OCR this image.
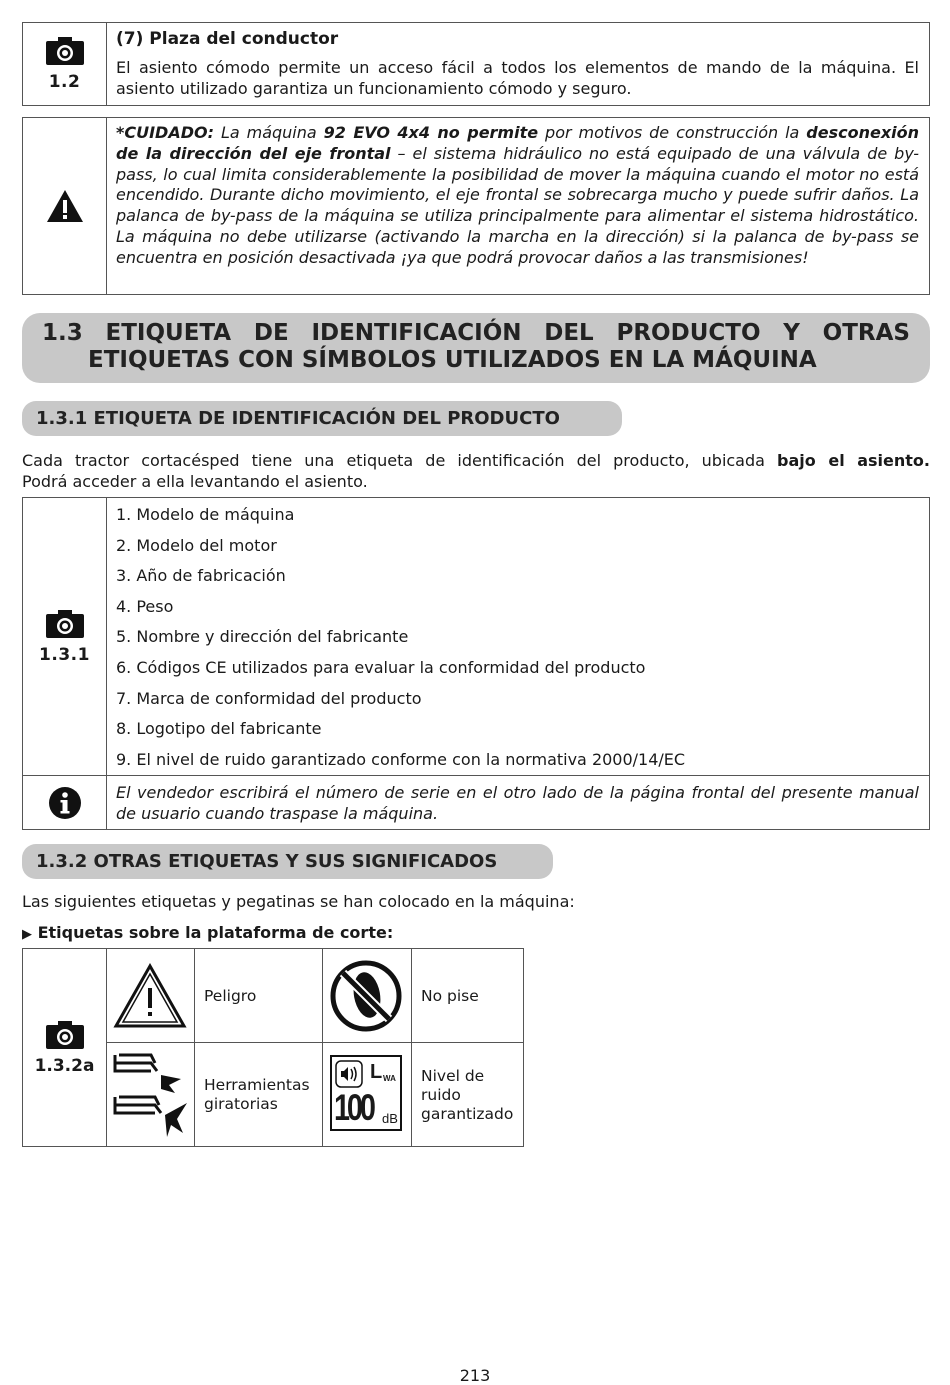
1.2

(7) Plaza del conductor

El asiento cómodo permite un acceso fácil a todos los elementos de mando de la máquina. El asiento utilizado garantiza un funcionamiento cómodo y seguro.

*CUIDADO: La máquina 92 EVO 4x4 no permite por motivos de construcción la desconexión de la dirección del eje frontal – el sistema hidráulico no está equipado de una válvula de by-pass, lo cual limita considerablemente la posibilidad de mover la máquina cuando el motor no está encendido. Durante dicho movimiento, el eje frontal se sobrecarga mucho y puede sufrir daños. La palanca de by-pass de la máquina se utiliza principalmente para alimentar el sistema hidrostático. La máquina no debe utilizarse (activando la marcha en la dirección) si la palanca de by-pass se encuentra en posición desactivada ¡ya que podrá provocar daños a las transmisiones!

1.3 ETIQUETA DE IDENTIFICACIÓN DEL PRODUCTO Y OTRAS
ETIQUETAS CON SÍMBOLOS UTILIZADOS EN LA MÁQUINA
1.3.1 ETIQUETA DE IDENTIFICACIÓN DEL PRODUCTO

Cada tractor cortacésped tiene una etiqueta de identificación del producto, ubicada bajo el asiento.

Podrá acceder a ella levantando el asiento.

1.3.1
1. Modelo de máquina
2. Modelo del motor
3. Año de fabricación
4. Peso
5. Nombre y dirección del fabricante
6. Códigos CE utilizados para evaluar la conformidad del producto
7. Marca de conformidad del producto
8. Logotipo del fabricante
9. El nivel de ruido garantizado conforme con la normativa 2000/14/EC

El vendedor escribirá el número de serie en el otro lado de la página frontal del presente manual de usuario cuando traspase la máquina.

1.3.2 OTRAS ETIQUETAS Y SUS SIGNIFICADOS

Las siguientes etiquetas y pegatinas se han colocado en la máquina:

▶ Etiquetas sobre la plataforma de corte:
1.3.2a
Peligro	No pise
Herramientas giratorias
L WA
100 dB
Nivel de ruido garantizado
213
